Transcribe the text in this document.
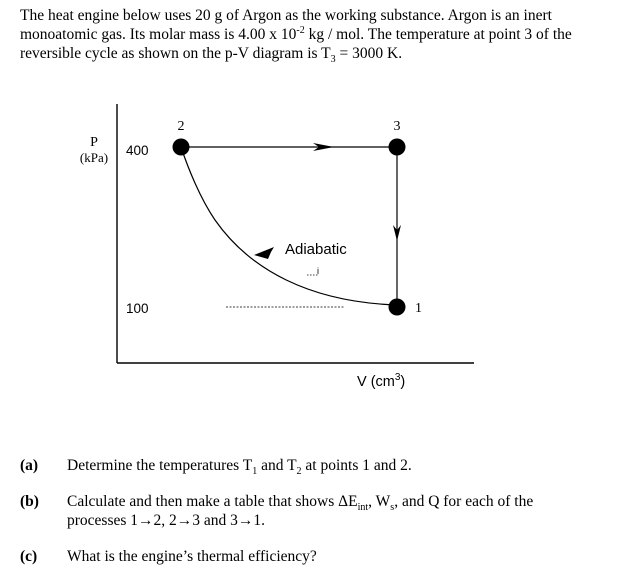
The heat engine below uses 20 g of Argon as the working substance. Argon is an inert
monoatomic gas. Its molar mass is 4.00 x $10^{-2}$ kg / mol. The temperature at point 3 of the
reversible cycle as shown on the p-V diagram is $T_3 = 3000$ K.
P
(kPa) 400
100
V $(cm^3)$
Adiabatic
i
2	3
1
(a) Determine the temperatures $T_1$ and $T_2$ at points 1 and 2.
(b) Calculate and then make a table that shows $\Delta E_{int}$, $W_s$, and Q for each of the
processes 1→2, 2→3 and 3→1.
(c) What is the engine’s thermal efficiency?
